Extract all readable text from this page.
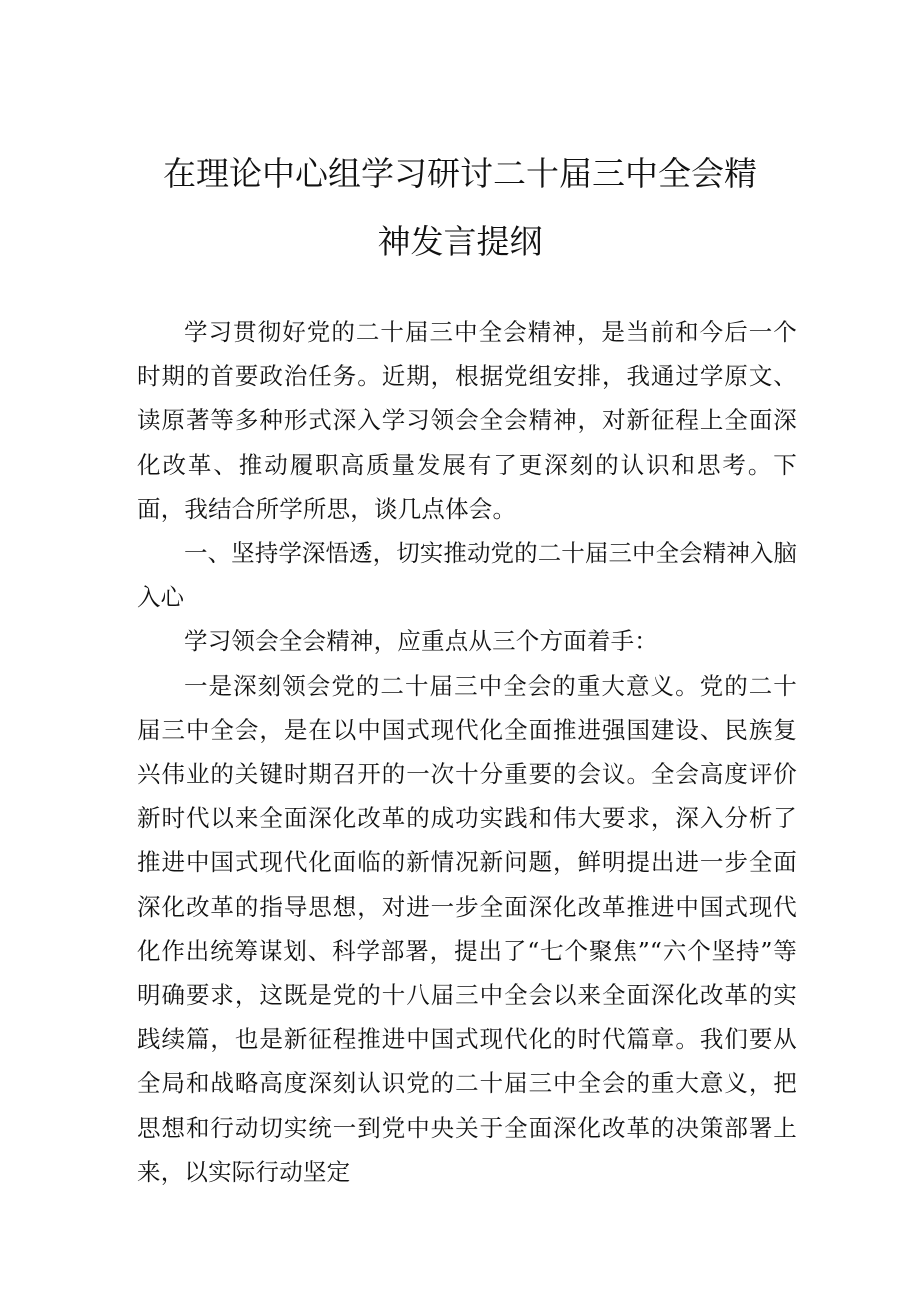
在理论中心组学习研讨二十届三中全会精
神发言提纲

学习贯彻好党的二十届三中全会精神，是当前和今后一个时期的首要政治任务。近期，根据党组安排，我通过学原文、读原著等多种形式深入学习领会全会精神，对新征程上全面深化改革、推动履职高质量发展有了更深刻的认识和思考。下面，我结合所学所思，谈几点体会。

一、坚持学深悟透，切实推动党的二十届三中全会精神入脑入心

学习领会全会精神，应重点从三个方面着手：

一是深刻领会党的二十届三中全会的重大意义。党的二十届三中全会，是在以中国式现代化全面推进强国建设、民族复兴伟业的关键时期召开的一次十分重要的会议。全会高度评价新时代以来全面深化改革的成功实践和伟大要求，深入分析了推进中国式现代化面临的新情况新问题，鲜明提出进一步全面深化改革的指导思想，对进一步全面深化改革推进中国式现代化作出统筹谋划、科学部署，提出了“七个聚焦”“六个坚持”等明确要求，这既是党的十八届三中全会以来全面深化改革的实践续篇，也是新征程推进中国式现代化的时代篇章。我们要从全局和战略高度深刻认识党的二十届三中全会的重大意义，把思想和行动切实统一到党中央关于全面深化改革的决策部署上来，以实际行动坚定
